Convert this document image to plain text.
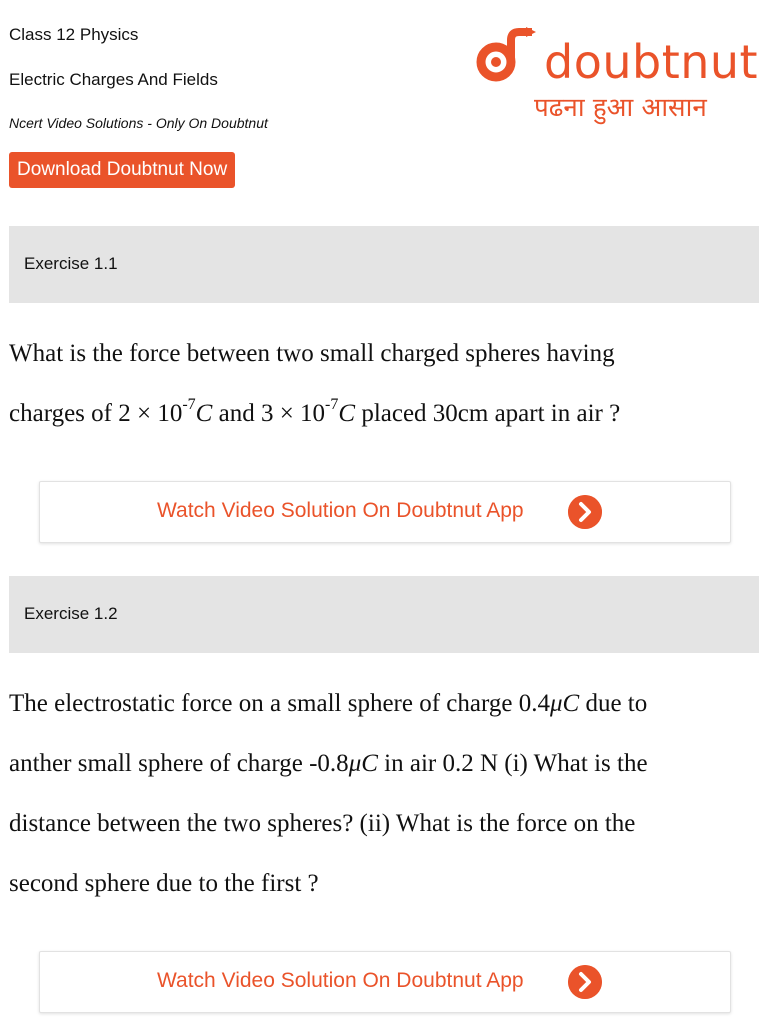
Class 12 Physics
Electric Charges And Fields
Ncert Video Solutions - Only On Doubtnut
Download Doubtnut Now
doubtnut
पढना हुआ आसान
Exercise 1.1
What is the force between two small charged spheres having
charges of $2 \times 10^{-7}C$ and $3 \times 10^{-7}C$ placed 30cm apart in air ?
Watch Video Solution On Doubtnut App
Exercise 1.2
The electrostatic force on a small sphere of charge 0.4μC due to
anther small sphere of charge -0.8μC in air 0.2 N (i) What is the
distance between the two spheres? (ii) What is the force on the
second sphere due to the first ?
Watch Video Solution On Doubtnut App
